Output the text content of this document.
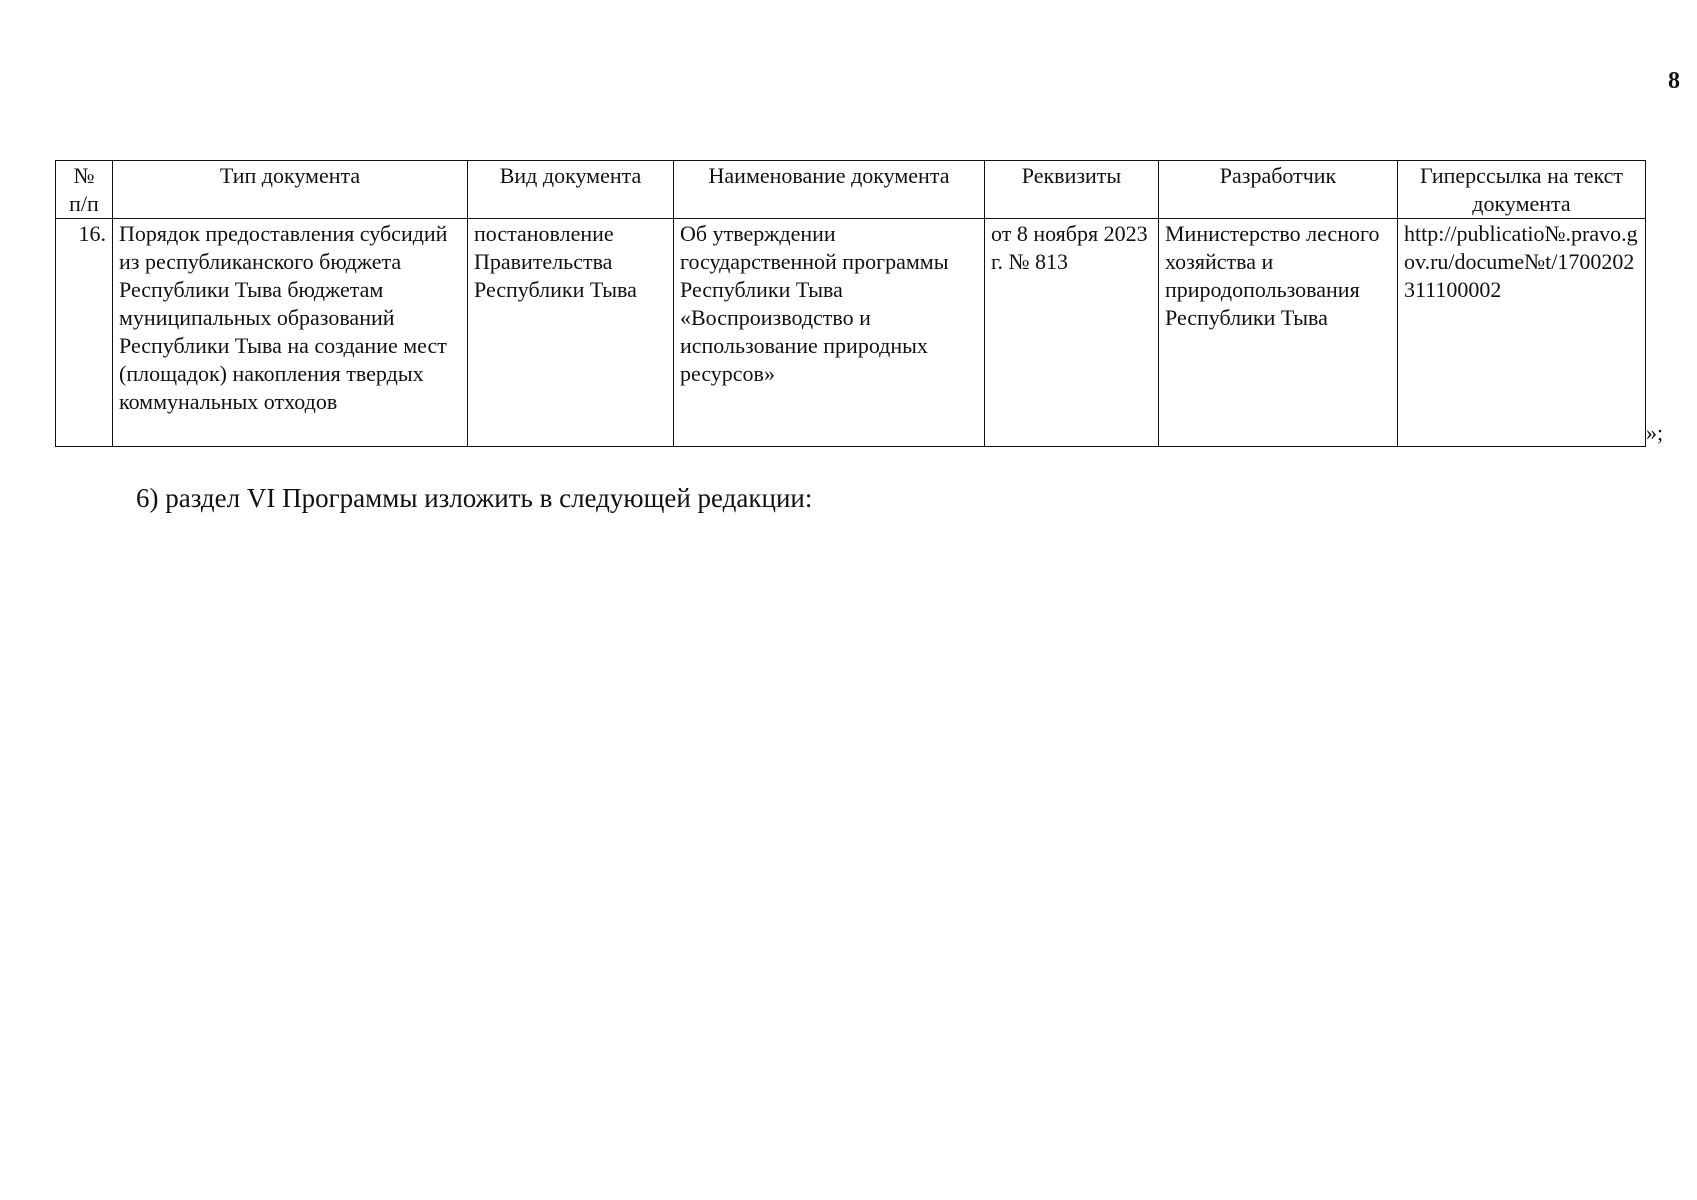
8
№ п/п	Тип документа	Вид документа	Наименование документа	Реквизиты	Разработчик	Гиперссылка на текст документа
16.	Порядок предоставления субсидий из республиканского бюджета Республики Тыва бюджетам муниципальных образований Республики Тыва на создание мест (площадок) накопления твердых коммунальных отходов	постановление Правительства Республики Тыва	Об утверждении государственной программы Республики Тыва «Воспроизводство и использование природных ресурсов»	от 8 ноября 2023 г. № 813	Министерство лесного хозяйства и природопользования Республики Тыва	http://publicatio№.pravo.gov.ru/docume№t/1700202311100002
»;
6) раздел VI Программы изложить в следующей редакции:
